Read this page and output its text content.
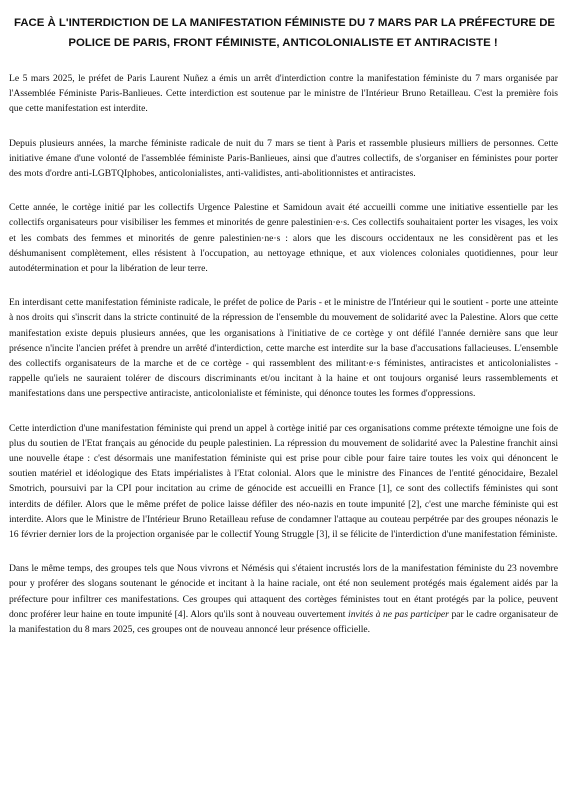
FACE À L'INTERDICTION DE LA MANIFESTATION FÉMINISTE DU 7 MARS PAR LA PRÉFECTURE DE
POLICE DE PARIS, FRONT FÉMINISTE, ANTICOLONIALISTE ET ANTIRACISTE !

Le 5 mars 2025, le préfet de Paris Laurent Nuñez a émis un arrêt d'interdiction contre la manifestation féministe du 7 mars organisée par l'Assemblée Féministe Paris-Banlieues. Cette interdiction est soutenue par le ministre de l'Intérieur Bruno Retailleau. C'est la première fois que cette manifestation est interdite.

Depuis plusieurs années, la marche féministe radicale de nuit du 7 mars se tient à Paris et rassemble plusieurs milliers de personnes. Cette initiative émane d'une volonté de l'assemblée féministe Paris-Banlieues, ainsi que d'autres collectifs, de s'organiser en féministes pour porter des mots d'ordre anti-LGBTQIphobes, anticolonialistes, anti-validistes, anti-abolitionnistes et antiracistes.

Cette année, le cortège initié par les collectifs Urgence Palestine et Samidoun avait été accueilli comme une initiative essentielle par les collectifs organisateurs pour visibiliser les femmes et minorités de genre palestinien·e·s. Ces collectifs souhaitaient porter les visages, les voix et les combats des femmes et minorités de genre palestinien·ne·s : alors que les discours occidentaux ne les considèrent pas et les déshumanisent complètement, elles résistent à l'occupation, au nettoyage ethnique, et aux violences coloniales quotidiennes, pour leur autodétermination et pour la libération de leur terre.

En interdisant cette manifestation féministe radicale, le préfet de police de Paris - et le ministre de l'Intérieur qui le soutient - porte une atteinte à nos droits qui s'inscrit dans la stricte continuité de la répression de l'ensemble du mouvement de solidarité avec la Palestine. Alors que cette manifestation existe depuis plusieurs années, que les organisations à l'initiative de ce cortège y ont défilé l'année dernière sans que leur présence n'incite l'ancien préfet à prendre un arrêté d'interdiction, cette marche est interdite sur la base d'accusations fallacieuses. L'ensemble des collectifs organisateurs de la marche et de ce cortège - qui rassemblent des militant·e·s féministes, antiracistes et anticolonialistes - rappelle qu'iels ne sauraient tolérer de discours discriminants et/ou incitant à la haine et ont toujours organisé leurs rassemblements et manifestations dans une perspective antiraciste, anticolonialiste et féministe, qui dénonce toutes les formes d'oppressions.

Cette interdiction d'une manifestation féministe qui prend un appel à cortège initié par ces organisations comme prétexte témoigne une fois de plus du soutien de l'Etat français au génocide du peuple palestinien. La répression du mouvement de solidarité avec la Palestine franchit ainsi une nouvelle étape : c'est désormais une manifestation féministe qui est prise pour cible pour faire taire toutes les voix qui dénoncent le soutien matériel et idéologique des Etats impérialistes à l'Etat colonial. Alors que le ministre des Finances de l'entité génocidaire, Bezalel Smotrich, poursuivi par la CPI pour incitation au crime de génocide est accueilli en France [1], ce sont des collectifs féministes qui sont interdits de défiler. Alors que le même préfet de police laisse défiler des néo-nazis en toute impunité [2], c'est une marche féministe qui est interdite. Alors que le Ministre de l'Intérieur Bruno Retailleau refuse de condamner l'attaque au couteau perpétrée par des groupes néonazis le 16 février dernier lors de la projection organisée par le collectif Young Struggle [3], il se félicite de l'interdiction d'une manifestation féministe.

Dans le même temps, des groupes tels que Nous vivrons et Némésis qui s'étaient incrustés lors de la manifestation féministe du 23 novembre pour y proférer des slogans soutenant le génocide et incitant à la haine raciale, ont été non seulement protégés mais également aidés par la préfecture pour infiltrer ces manifestations. Ces groupes qui attaquent des cortèges féministes tout en étant protégés par la police, peuvent donc proférer leur haine en toute impunité [4]. Alors qu'ils sont à nouveau ouvertement invités à ne pas participer par le cadre organisateur de la manifestation du 8 mars 2025, ces groupes ont de nouveau annoncé leur présence officielle.
